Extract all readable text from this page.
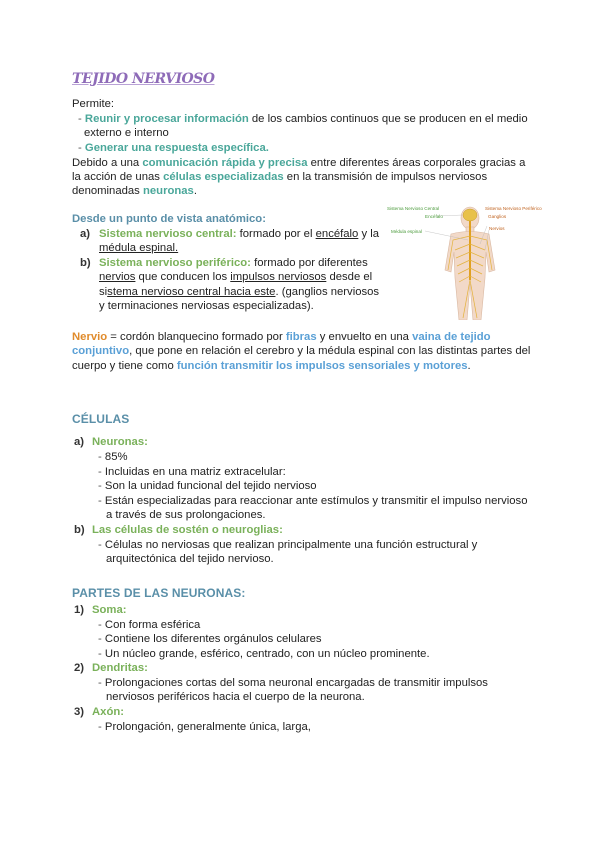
TEJIDO NERVIOSO
Permite:
- Reunir y procesar información de los cambios continuos que se producen en el medio
externo e interno
- Generar una respuesta específica.
Debido a una comunicación rápida y precisa entre diferentes áreas corporales gracias a
la acción de unas células especializadas en la transmisión de impulsos nerviosos
denominadas neuronas.
Desde un punto de vista anatómico:
a) Sistema nervioso central: formado por el encéfalo y la
médula espinal.
b) Sistema nervioso periférico: formado por diferentes
nervios que conducen los impulsos nerviosos desde el
sistema nervioso central hacia este. (ganglios nerviosos
y terminaciones nerviosas especializadas).
Sistema Nervioso Central
Encéfalo
Médula espinal
Sistema Nervioso Periférico
Ganglios
Nervios
Nervio = cordón blanquecino formado por fibras y envuelto en una vaina de tejido
conjuntivo, que pone en relación el cerebro y la médula espinal con las distintas partes del
cuerpo y tiene como función transmitir los impulsos sensoriales y motores.
CÉLULAS
a) Neuronas:
- 85%
- Incluidas en una matriz extracelular:
- Son la unidad funcional del tejido nervioso
- Están especializadas para reaccionar ante estímulos y transmitir el impulso nervioso
a través de sus prolongaciones.
b) Las células de sostén o neuroglias:
- Células no nerviosas que realizan principalmente una función estructural y
arquitectónica del tejido nervioso.
PARTES DE LAS NEURONAS:
1) Soma:
- Con forma esférica
- Contiene los diferentes orgánulos celulares
- Un núcleo grande, esférico, centrado, con un núcleo prominente.
2) Dendritas:
- Prolongaciones cortas del soma neuronal encargadas de transmitir impulsos
nerviosos periféricos hacia el cuerpo de la neurona.
3) Axón:
- Prolongación, generalmente única, larga,
